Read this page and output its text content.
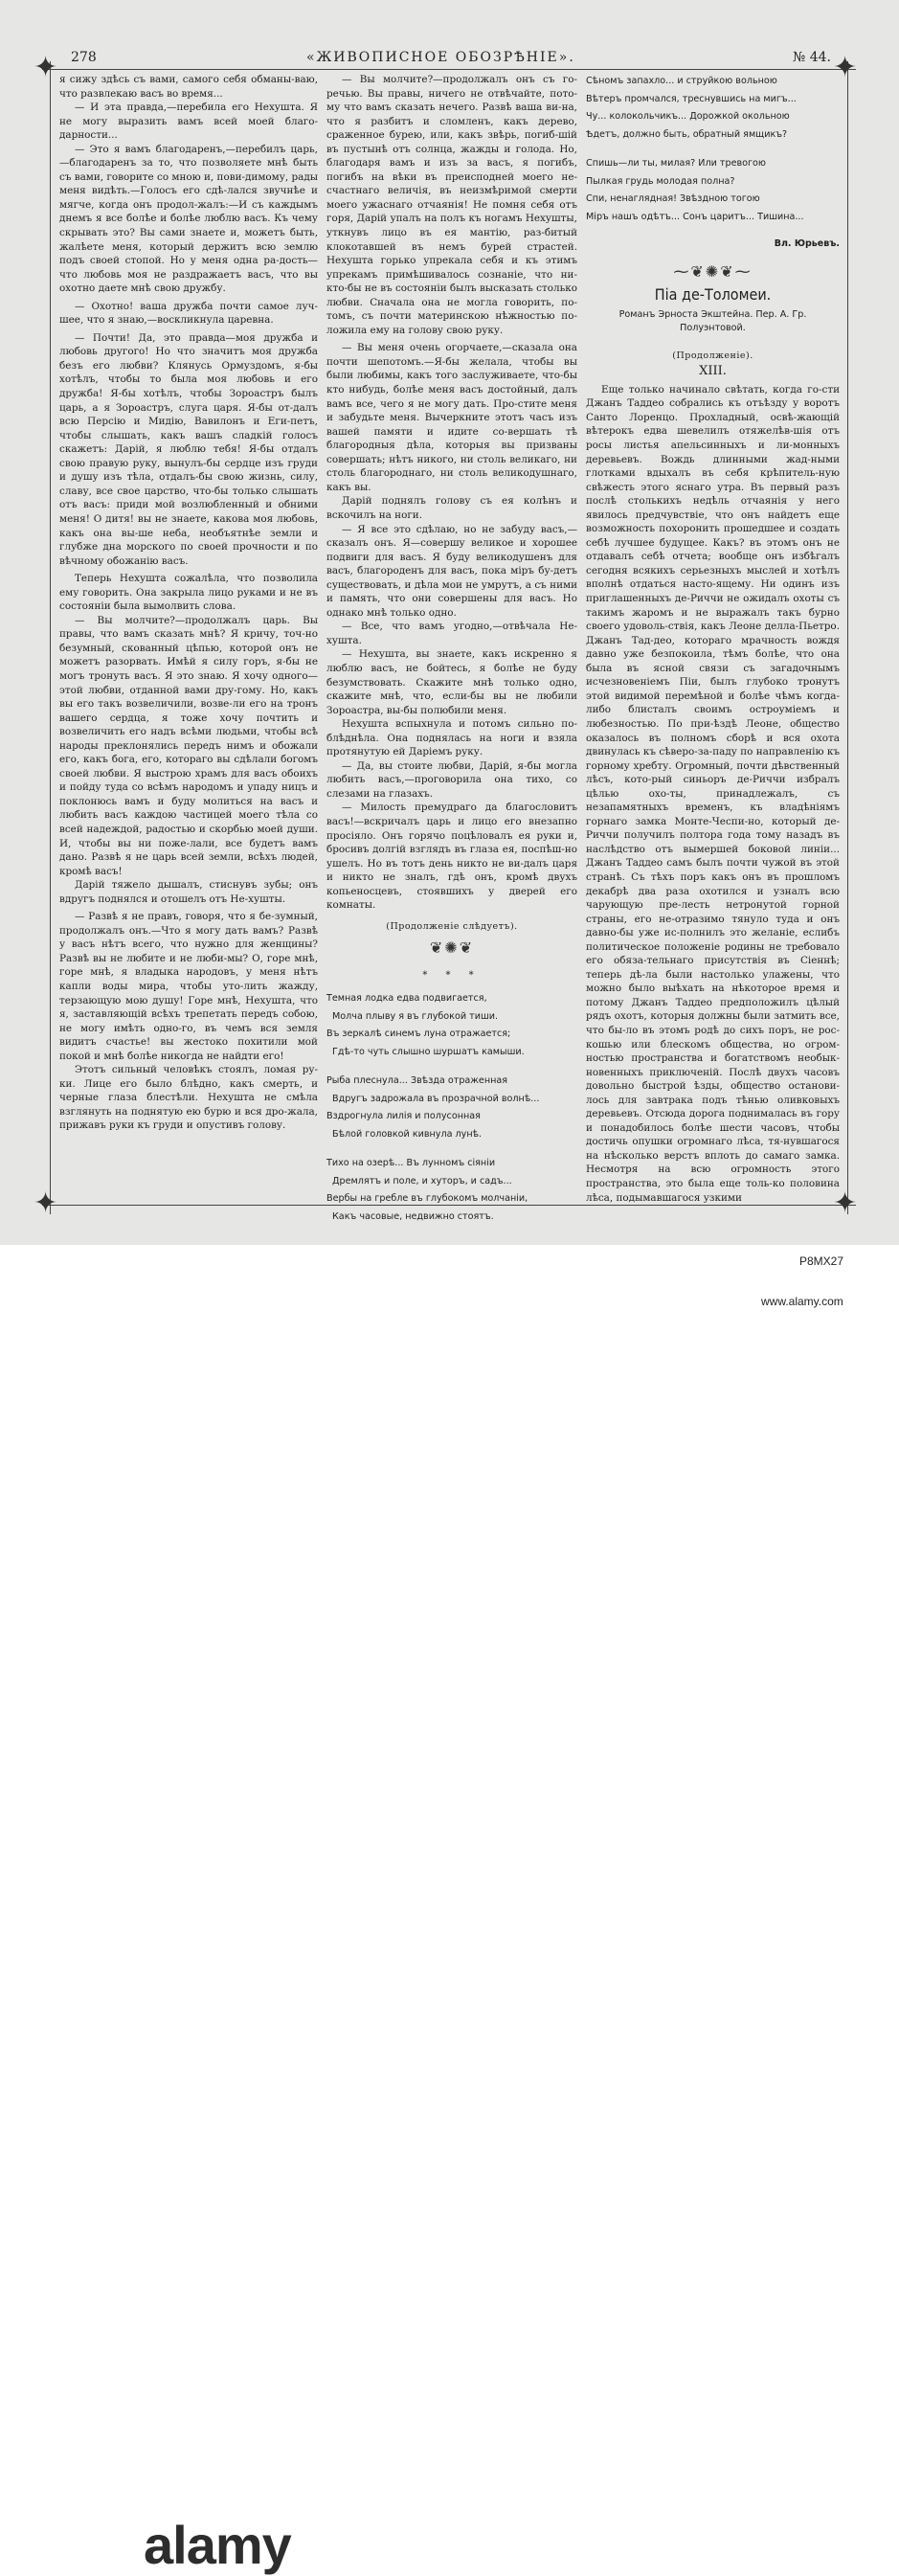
278	«ЖИВОПИСНОЕ ОБОЗРѢНІЕ».	№ 44.
✦	✦
✦	✦

я сижу здѣсь съ вами, самого себя обманы-ваю, что развлекаю васъ во время...

— И эта правда,—перебила его Нехушта. Я не могу выразить вамъ всей моей благо-дарности...

— Это я вамъ благодаренъ,—перебилъ царь,—благодаренъ за то, что позволяете мнѣ быть съ вами, говорите со мною и, пови-димому, рады меня видѣть.—Голосъ его сдѣ-лался звучнѣе и мягче, когда онъ продол-жалъ:—И съ каждымъ днемъ я все болѣе и болѣе люблю васъ. Къ чему скрывать это? Вы сами знаете и, можетъ быть, жалѣете меня, который держитъ всю землю подъ своей стопой. Но у меня одна ра-дость—что любовь моя не раздражаетъ васъ, что вы охотно даете мнѣ свою дружбу.

— Охотно! ваша дружба почти самое луч-шее, что я знаю,—воскликнула царевна.

— Почти! Да, это правда—моя дружба и любовь другого! Но что значитъ моя дружба безъ его любви? Клянусь Ормуздомъ, я-бы хотѣлъ, чтобы то была моя любовь и его дружба! Я-бы хотѣлъ, чтобы Зороастръ былъ царь, а я Зороастръ, слуга царя. Я-бы от-далъ всю Персію и Мидію, Вавилонъ и Еги-петъ, чтобы слышать, какъ вашъ сладкій голосъ скажетъ: Дарій, я люблю тебя! Я-бы отдалъ свою правую руку, вынулъ-бы сердце изъ груди и душу изъ тѣла, отдалъ-бы свою жизнь, силу, славу, все свое царство, что-бы только слышать отъ васъ: приди мой возлюбленный и обними меня! О дитя! вы не знаете, какова моя любовь, какъ она вы-ше неба, необъятнѣе земли и глубже дна морского по своей прочности и по вѣчному обожанію васъ.

Теперь Нехушта сожалѣла, что позволила ему говорить. Она закрыла лицо руками и не въ состояніи была вымолвить слова.

— Вы молчите?—продолжалъ царь. Вы правы, что вамъ сказать мнѣ? Я кричу, точ-но безумный, скованный цѣпью, которой онъ не можетъ разорвать. Имѣй я силу горъ, я-бы не могъ тронуть васъ. Я это знаю. Я хочу одного—этой любви, отданной вами дру-гому. Но, какъ вы его такъ возвеличили, возве-ли его на тронъ вашего сердца, я тоже хочу почтить и возвеличить его надъ всѣми людьми, чтобы всѣ народы преклонялись передъ нимъ и обожали его, какъ бога, его, котораго вы сдѣлали богомъ своей любви. Я выстрою храмъ для васъ обоихъ и пойду туда со всѣмъ народомъ и упаду ницъ и поклонюсь вамъ и буду молиться на васъ и любить васъ каждою частицей моего тѣла со всей надеждой, радостью и скорбью моей души. И, чтобы вы ни поже-лали, все будетъ вамъ дано. Развѣ я не царь всей земли, всѣхъ людей, кромѣ васъ!

Дарій тяжело дышалъ, стиснувъ зубы; онъ вдругъ поднялся и отошелъ отъ Не-хушты.

— Развѣ я не правъ, говоря, что я бе-зумный, продолжалъ онъ.—Что я могу дать вамъ? Развѣ у васъ нѣтъ всего, что нужно для женщины? Развѣ вы не любите и не люби-мы? О, горе мнѣ, горе мнѣ, я владыка народовъ, у меня нѣтъ капли воды мира, чтобы уто-лить жажду, терзающую мою душу! Горе мнѣ, Нехушта, что я, заставляющій всѣхъ трепетать передъ собою, не могу имѣть одно-го, въ чемъ вся земля видитъ счастье! вы жестоко похитили мой покой и мнѣ болѣе никогда не найдти его!

Этотъ сильный человѣкъ стоялъ, ломая ру-ки. Лице его было блѣдно, какъ смерть, и черные глаза блестѣли. Нехушта не смѣла взглянуть на поднятую ею бурю и вся дро-жала, прижавъ руки къ груди и опустивъ голову.

— Вы молчите?—продолжалъ онъ съ го-речью. Вы правы, ничего не отвѣчайте, пото-му что вамъ сказать нечего. Развѣ ваша ви-на, что я разбитъ и сломленъ, какъ дерево, сраженное бурею, или, какъ звѣрь, погиб-шій въ пустынѣ отъ солнца, жажды и голода. Но, благодаря вамъ и изъ за васъ, я погибъ, погибъ на вѣки въ преисподней моего не-счастнаго величія, въ неизмѣримой смерти моего ужаснаго отчаянія! Не помня себя отъ горя, Дарій упалъ на полъ къ ногамъ Нехушты, уткнувъ лицо въ ея мантію, раз-битый клокотавшей въ немъ бурей страстей. Нехушта горько упрекала себя и къ этимъ упрекамъ примѣшивалось сознаніе, что ни-кто-бы не въ состояніи былъ высказать столько любви. Сначала она не могла говорить, по-томъ, съ почти материнскою нѣжностью по-ложила ему на голову свою руку.

— Вы меня очень огорчаете,—сказала она почти шепотомъ.—Я-бы желала, чтобы вы были любимы, какъ того заслуживаете, что-бы кто нибудь, болѣе меня васъ достойный, далъ вамъ все, чего я не могу дать. Про-стите меня и забудьте меня. Вычеркните этотъ часъ изъ вашей памяти и идите со-вершать тѣ благородныя дѣла, которыя вы призваны совершать; нѣтъ никого, ни столь великаго, ни столь благороднаго, ни столь великодушнаго, какъ вы.

Дарій поднялъ голову съ ея колѣнъ и вскочилъ на ноги.

— Я все это сдѣлаю, но не забуду васъ,—сказалъ онъ. Я—совершу великое и хорошее подвиги для васъ. Я буду великодушенъ для васъ, благороденъ для васъ, пока міръ бу-детъ существовать, и дѣла мои не умрутъ, а съ ними и память, что они совершены для васъ. Но однако мнѣ только одно.

— Все, что вамъ угодно,—отвѣчала Не-хушта.

— Нехушта, вы знаете, какъ искренно я люблю васъ, не бойтесь, я болѣе не буду безумствовать. Скажите мнѣ только одно, скажите мнѣ, что, если-бы вы не любили Зороастра, вы-бы полюбили меня.

Нехушта вспыхнула и потомъ сильно по-блѣднѣла. Она поднялась на ноги и взяла протянутую ей Даріемъ руку.

— Да, вы стоите любви, Дарій, я-бы могла любить васъ,—проговорила она тихо, со слезами на глазахъ.

— Милость премудраго да благословитъ васъ!—вскричалъ царь и лицо его внезапно просіяло. Онъ горячо поцѣловалъ ея руки и, бросивъ долгій взглядъ въ глаза ея, поспѣш-но ушелъ. Но въ тотъ день никто не ви-далъ царя и никто не зналъ, гдѣ онъ, кромѣ двухъ копьеносцевъ, стоявшихъ у дверей его комнаты.

(Продолженіе слѣдуетъ).
❦✺❦
* * *
Темная лодка едва подвигается,
Молча плыву я въ глубокой тиши.
Въ зеркалѣ синемъ луна отражается;
Гдѣ-то чуть слышно шуршатъ камыши.
Рыба плеснула... Звѣзда отраженная
Вдругъ задрожала въ прозрачной волнѣ...
Вздрогнула лилія и полусонная
Бѣлой головкой кивнула лунѣ.
Тихо на озерѣ... Въ лунномъ сіяніи
Дремлятъ и поле, и хуторъ, и садъ...
Вербы на гребле въ глубокомъ молчаніи,
Какъ часовые, недвижно стоятъ.
Сѣномъ запахло... и струйкою вольною
Вѣтеръ промчался, треснувшись на мигъ...
Чу... колокольчикъ... Дорожкой окольною
Ѣдетъ, должно быть, обратный ямщикъ?
Спишь—ли ты, милая? Или тревогою
Пылкая грудь молодая полна?
Спи, ненаглядная! Звѣздною тогою
Міръ нашъ одѣтъ... Сонъ царитъ... Тишина...
Вл. Юрьевъ.
⁓❦✺❦⁓
Піа де-Толомеи.
Романъ Эрноста Экштейна. Пер. А. Гр. Полуэнтовой.
(Продолженіе).
XIII.

Еще только начинало свѣтать, когда го-сти Джанъ Таддео собрались къ отъѣзду у воротъ Санто Лоренцо. Прохладный, освѣ-жающій вѣтерокъ едва шевелилъ отяжелѣв-шія отъ росы листья апельсинныхъ и ли-монныхъ деревьевъ. Вождь длинными жад-ными глотками вдыхалъ въ себя крѣпитель-ную свѣжесть этого яснаго утра. Въ первый разъ послѣ столькихъ недѣль отчаянія у него явилось предчувствіе, что онъ найдетъ еще возможность похоронить прошедшее и создать себѣ лучшее будущее. Какъ? въ этомъ онъ не отдавалъ себѣ отчета; вообще онъ избѣгалъ сегодня всякихъ серьезныхъ мыслей и хотѣлъ вполнѣ отдаться насто-ящему. Ни одинъ изъ приглашенныхъ де-Риччи не ожидалъ охоты съ такимъ жаромъ и не выражалъ такъ бурно своего удоволь-ствія, какъ Леоне делла-Пьетро. Джанъ Тад-део, котораго мрачность вождя давно уже безпокоила, тѣмъ болѣе, что она была въ ясной связи съ загадочнымъ исчезновеніемъ Піи, былъ глубоко тронутъ этой видимой перемѣной и болѣе чѣмъ когда-либо блисталъ своимъ остроуміемъ и любезностью. По при-ѣздѣ Леоне, общество оказалось въ полномъ сборѣ и вся охота двинулась къ сѣверо-за-паду по направленію къ горному хребту. Огромный, почти дѣвственный лѣсъ, кото-рый синьоръ де-Риччи избралъ цѣлью охо-ты, принадлежалъ, съ незапамятныхъ временъ, къ владѣніямъ горнаго замка Монте-Чеспи-но, который де-Риччи получилъ полтора года тому назадъ въ наслѣдство отъ вымершей боковой линіи... Джанъ Таддео самъ былъ почти чужой въ этой странѣ. Съ тѣхъ поръ какъ онъ въ прошломъ декабрѣ два раза охотился и узналъ всю чарующую пре-лесть нетронутой горной страны, его не-отразимо тянуло туда и онъ давно-бы уже ис-полнилъ это желаніе, еслибъ политическое положеніе родины не требовало его обяза-тельнаго присутствія въ Сіеннѣ; теперь дѣ-ла были настолько улажены, что можно было выѣхать на нѣкоторое время и потому Джанъ Таддео предположилъ цѣлый рядъ охотъ, которыя должны были затмить все, что бы-ло въ этомъ родѣ до сихъ поръ, не рос-кошью или блескомъ общества, но огром-ностью пространства и богатствомъ необык-новенныхъ приключеній. Послѣ двухъ часовъ довольно быстрой ѣзды, общество останови-лось для завтрака подъ тѣнью оливковыхъ деревьевъ. Отсюда дорога поднималась въ гору и понадобилось болѣе шести часовъ, чтобы достичь опушки огромнаго лѣса, тя-нувшагося на нѣсколько верстъ вплоть до самаго замка. Несмотря на всю огромность этого пространства, это была еще толь-ко половина лѣса, подымавшагося узкими

alamy
P8MX27
www.alamy.com
